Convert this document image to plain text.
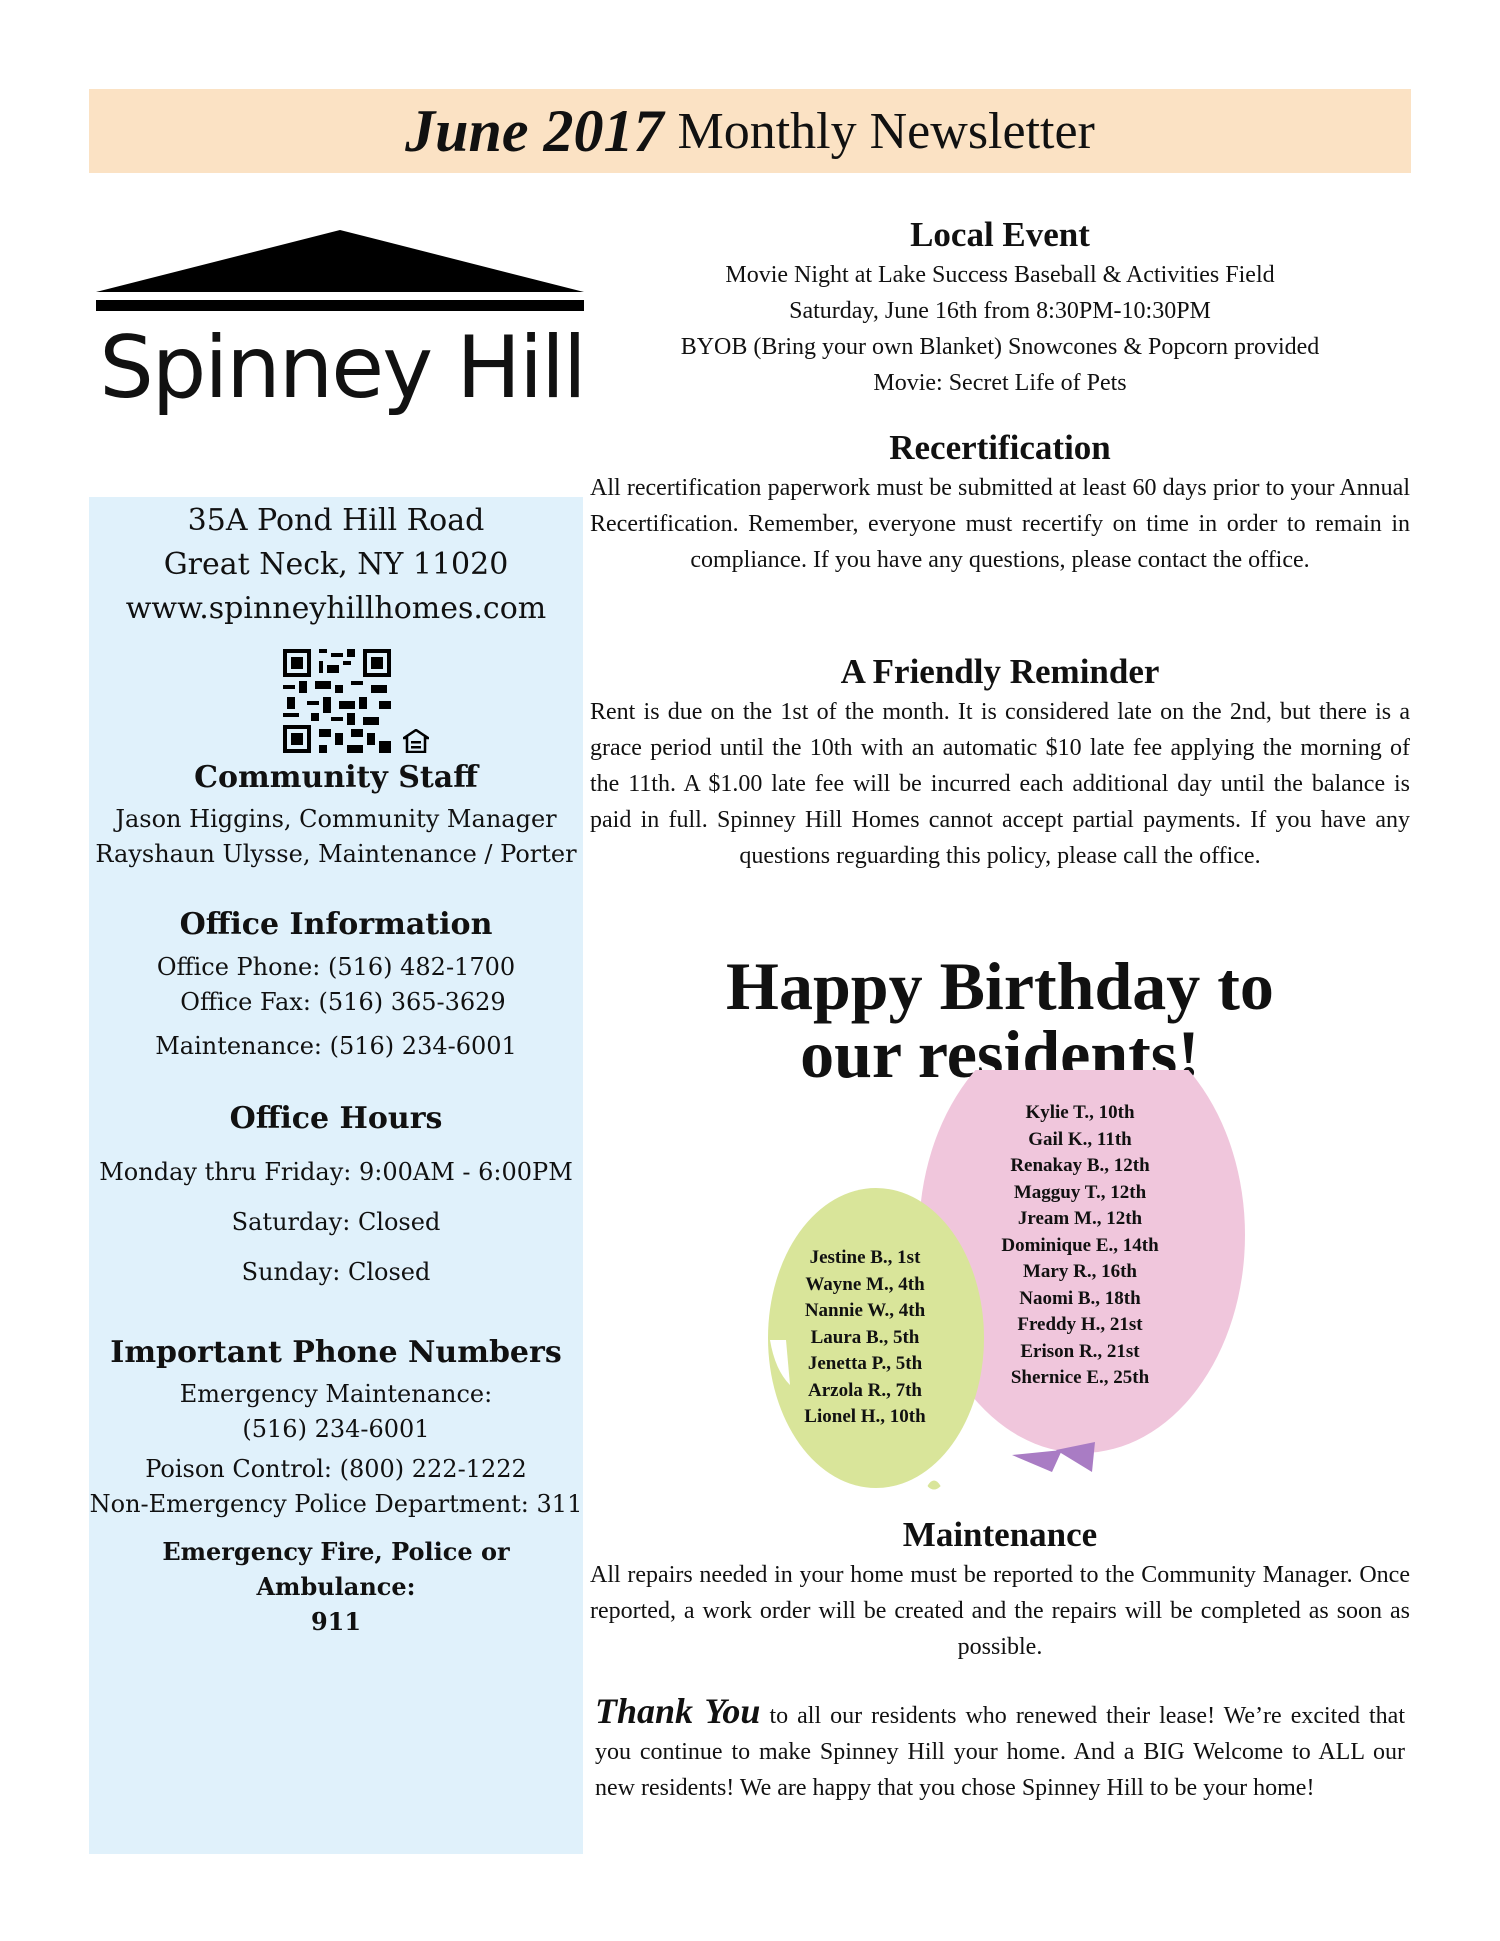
June 2017 Monthly Newsletter
Spinney Hill
35A Pond Hill Road
Great Neck, NY 11020
www.spinneyhillhomes.com
Community Staff
Jason Higgins, Community Manager
Rayshaun Ulysse, Maintenance / Porter
Office Information
Office Phone: (516) 482-1700
Office Fax: (516) 365-3629
Maintenance: (516) 234-6001
Office Hours
Monday thru Friday: 9:00AM - 6:00PM
Saturday: Closed
Sunday: Closed
Important Phone Numbers
Emergency Maintenance:
(516) 234-6001
Poison Control: (800) 222-1222
Non-Emergency Police Department: 311
Emergency Fire, Police or Ambulance:
911
Local Event
Movie Night at Lake Success Baseball & Activities Field
Saturday, June 16th from 8:30PM-10:30PM
BYOB (Bring your own Blanket) Snowcones & Popcorn provided
Movie: Secret Life of Pets
Recertification
All recertification paperwork must be submitted at least 60 days prior to your Annual Recertification. Remember, everyone must recertify on time in order to remain in compliance. If you have any questions, please contact the office.
A Friendly Reminder
Rent is due on the 1st of the month. It is considered late on the 2nd, but there is a grace period until the 10th with an automatic $10 late fee applying the morning of the 11th. A $1.00 late fee will be incurred each additional day until the balance is paid in full. Spinney Hill Homes cannot accept partial payments. If you have any questions reguarding this policy, please call the office.
Happy Birthday to
our residents!
Jestine B., 1st
Wayne M., 4th
Nannie W., 4th
Laura B., 5th
Jenetta P., 5th
Arzola R., 7th
Lionel H., 10th
Kylie T., 10th
Gail K., 11th
Renakay B., 12th
Magguy T., 12th
Jream M., 12th
Dominique E., 14th
Mary R., 16th
Naomi B., 18th
Freddy H., 21st
Erison R., 21st
Shernice E., 25th
Maintenance
All repairs needed in your home must be reported to the Community Manager. Once reported, a work order will be created and the repairs will be completed as soon as possible.
Thank You to all our residents who renewed their lease! We’re excited that you continue to make Spinney Hill your home. And a BIG Welcome to ALL our new residents! We are happy that you chose Spinney Hill to be your home!
